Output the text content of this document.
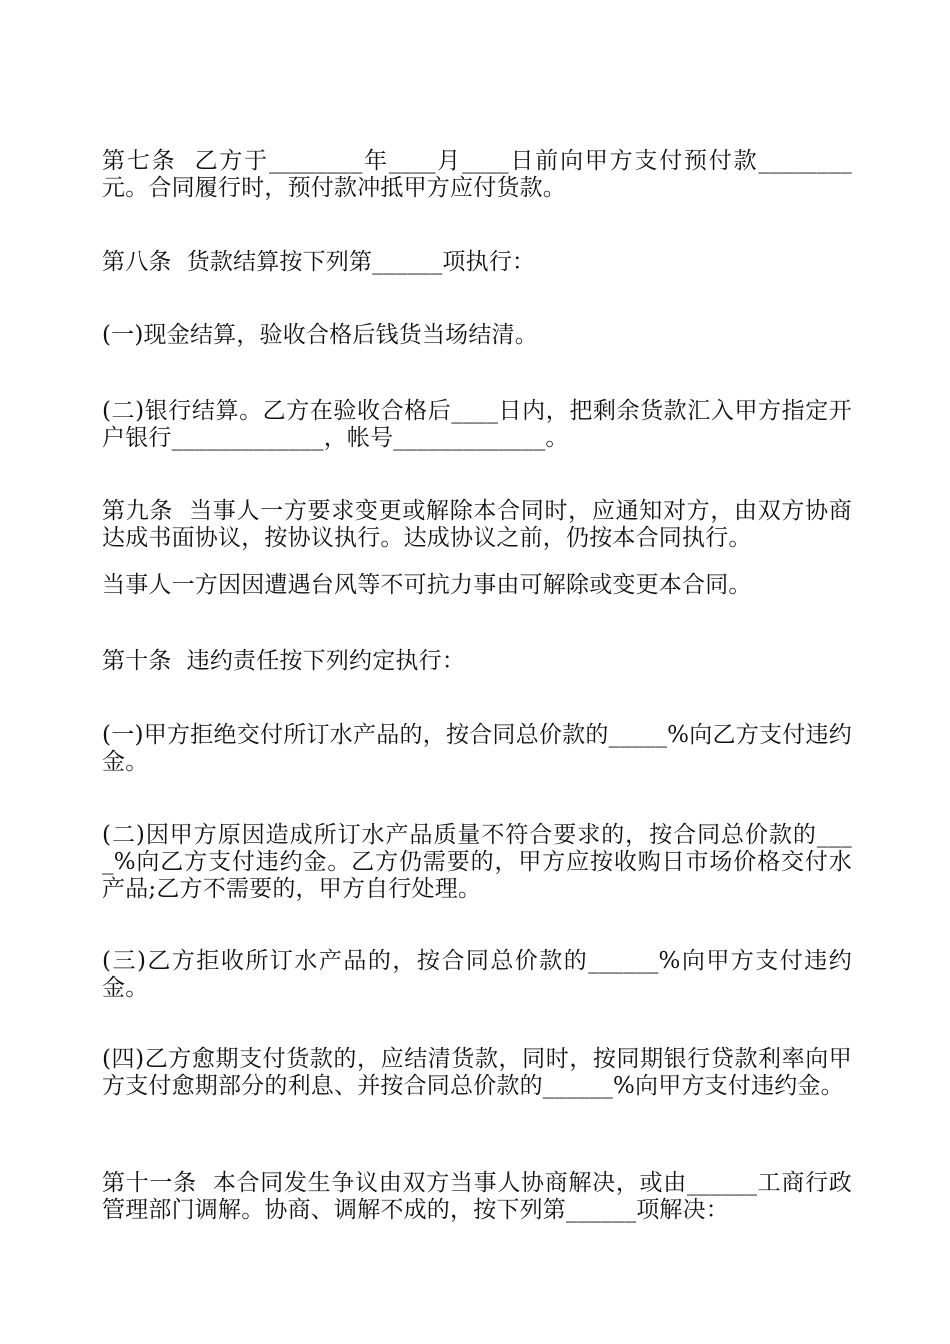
第七条  乙方于________年____月____日前向甲方支付预付款________元。合同履行时，预付款冲抵甲方应付货款。

第八条  货款结算按下列第______项执行：

(一)现金结算，验收合格后钱货当场结清。

(二)银行结算。乙方在验收合格后____日内，把剩余货款汇入甲方指定开  户银行_____________，帐号_____________。

第九条  当事人一方要求变更或解除本合同时，应通知对方，由双方协商达成书面协议，按协议执行。达成协议之前，仍按本合同执行。

当事人一方因因遭遇台风等不可抗力事由可解除或变更本合同。

第十条  违约责任按下列约定执行：

(一)甲方拒绝交付所订水产品的，按合同总价款的_____%向乙方支付违约金。

(二)因甲方原因造成所订水产品质量不符合要求的，按合同总价款的____%向乙方支付违约金。乙方仍需要的，甲方应按收购日市场价格交付水产品;乙方不需要的，甲方自行处理。

(三)乙方拒收所订水产品的，按合同总价款的______%向甲方支付违约金。

(四)乙方愈期支付货款的，应结清货款，同时，按同期银行贷款利率向甲方支付愈期部分的利息、并按合同总价款的______%向甲方支付违约金。

第十一条  本合同发生争议由双方当事人协商解决，或由______工商行政管理部门调解。协商、调解不成的，按下列第______项解决：
